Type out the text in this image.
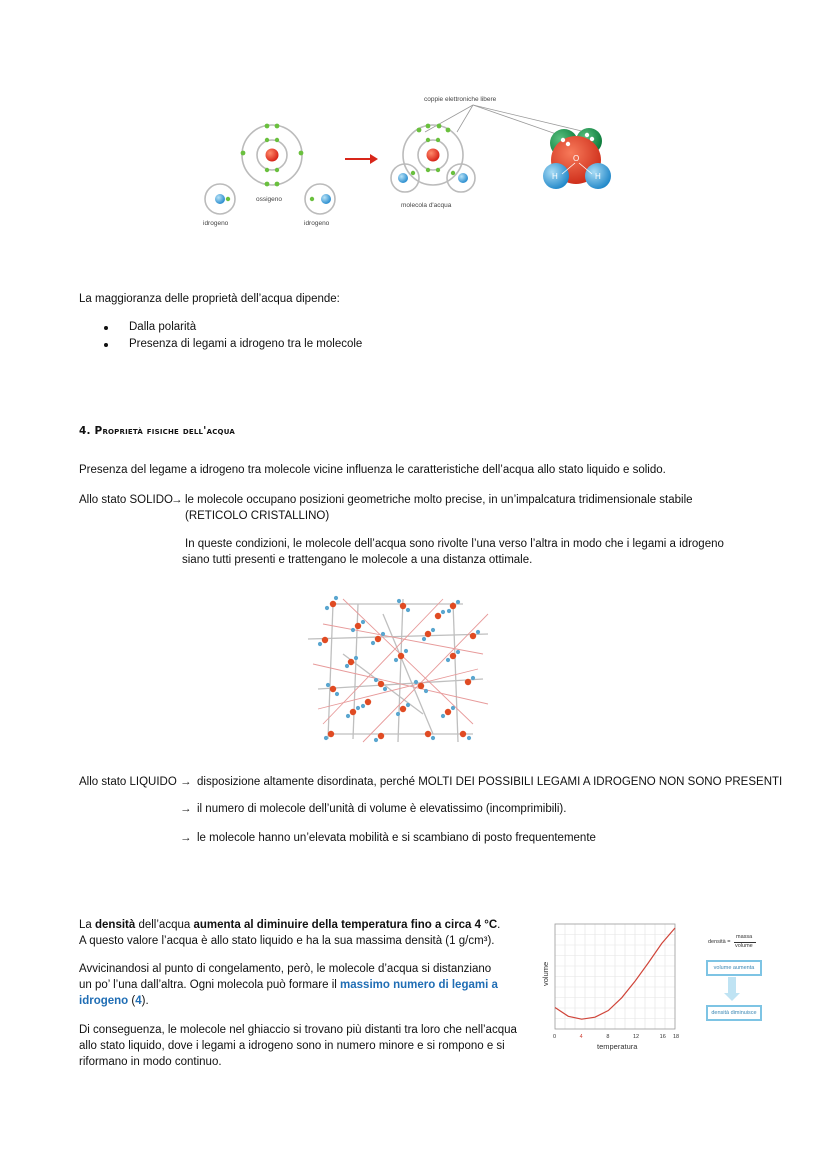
coppie elettroniche libere
ossigeno
idrogeno	idrogeno
molecola d'acqua
O
H	H
La maggioranza delle proprietà dell’acqua dipende:
Dalla polarità
Presenza di legami a idrogeno tra le molecole
4. Proprietà fisiche dell'acqua
Presenza del legame a idrogeno tra molecole vicine influenza le caratteristiche dell’acqua allo stato liquido e solido.
Allo stato SOLIDO
→ le molecole occupano posizioni geometriche molto precise, in un’impalcatura tridimensionale stabile
(RETICOLO CRISTALLINO)
In queste condizioni, le molecole dell’acqua sono rivolte l’una verso l’altra in modo che i legami a idrogeno
siano tutti presenti e trattengano le molecole a una distanza ottimale.
Allo stato LIQUIDO → disposizione altamente disordinata, perché MOLTI DEI POSSIBILI LEGAMI A IDROGENO NON SONO PRESENTI
→ il numero di molecole dell’unità di volume è elevatissimo (incomprimibili).
→ le molecole hanno un’elevata mobilità e si scambiano di posto frequentemente
La densità dell’acqua aumenta al diminuire della temperatura fino a circa 4 °C.
A questo valore l’acqua è allo stato liquido e ha la sua massima densità (1 g/cm³).
Avvicinandosi al punto di congelamento, però, le molecole d’acqua si distanziano
un po’ l’una dall’altra. Ogni molecola può formare il massimo numero di legami a
idrogeno (4).
Di conseguenza, le molecole nel ghiaccio si trovano più distanti tra loro che nell’acqua
allo stato liquido, dove i legami a idrogeno sono in numero minore e si rompono e si
riformano in modo continuo.
0	4	8	12	16 18
volume
temperatura
densità =
massa
volume
volume aumenta
densità diminuisce
